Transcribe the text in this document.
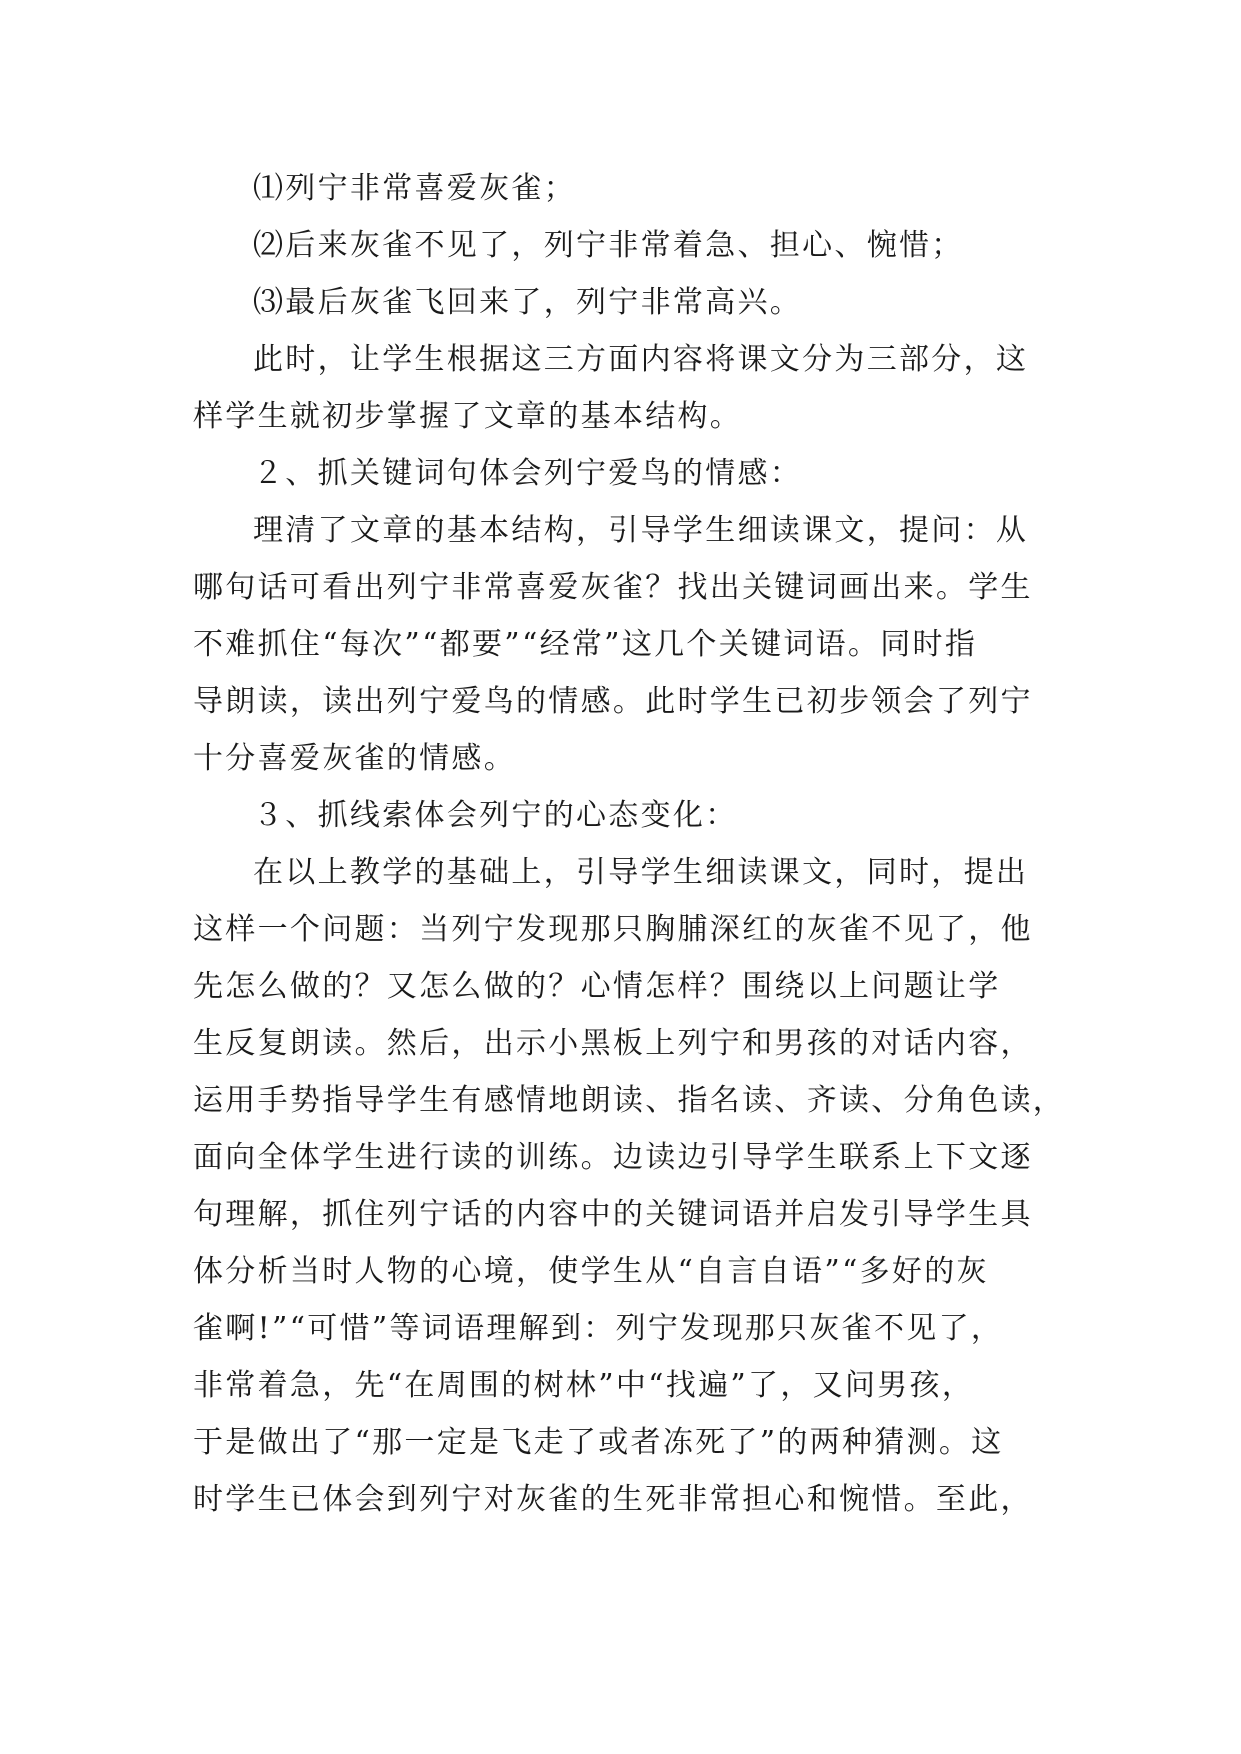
⑴列宁非常喜爱灰雀；
⑵后来灰雀不见了，列宁非常着急、担心、惋惜；
⑶最后灰雀飞回来了，列宁非常高兴。
此时，让学生根据这三方面内容将课文分为三部分，这
样学生就初步掌握了文章的基本结构。
２、抓关键词句体会列宁爱鸟的情感：
理清了文章的基本结构，引导学生细读课文，提问：从
哪句话可看出列宁非常喜爱灰雀？找出关键词画出来。学生
不难抓住“每次”“都要”“经常”这几个关键词语。同时指
导朗读，读出列宁爱鸟的情感。此时学生已初步领会了列宁
十分喜爱灰雀的情感。
３、抓线索体会列宁的心态变化：
在以上教学的基础上，引导学生细读课文，同时，提出
这样一个问题：当列宁发现那只胸脯深红的灰雀不见了，他
先怎么做的？又怎么做的？心情怎样？围绕以上问题让学
生反复朗读。然后，出示小黑板上列宁和男孩的对话内容，
运用手势指导学生有感情地朗读、指名读、齐读、分角色读，
面向全体学生进行读的训练。边读边引导学生联系上下文逐
句理解，抓住列宁话的内容中的关键词语并启发引导学生具
体分析当时人物的心境，使学生从“自言自语”“多好的灰
雀啊!”“可惜”等词语理解到：列宁发现那只灰雀不见了，
非常着急，先“在周围的树林”中“找遍”了，又问男孩，
于是做出了“那一定是飞走了或者冻死了”的两种猜测。这
时学生已体会到列宁对灰雀的生死非常担心和惋惜。至此，
